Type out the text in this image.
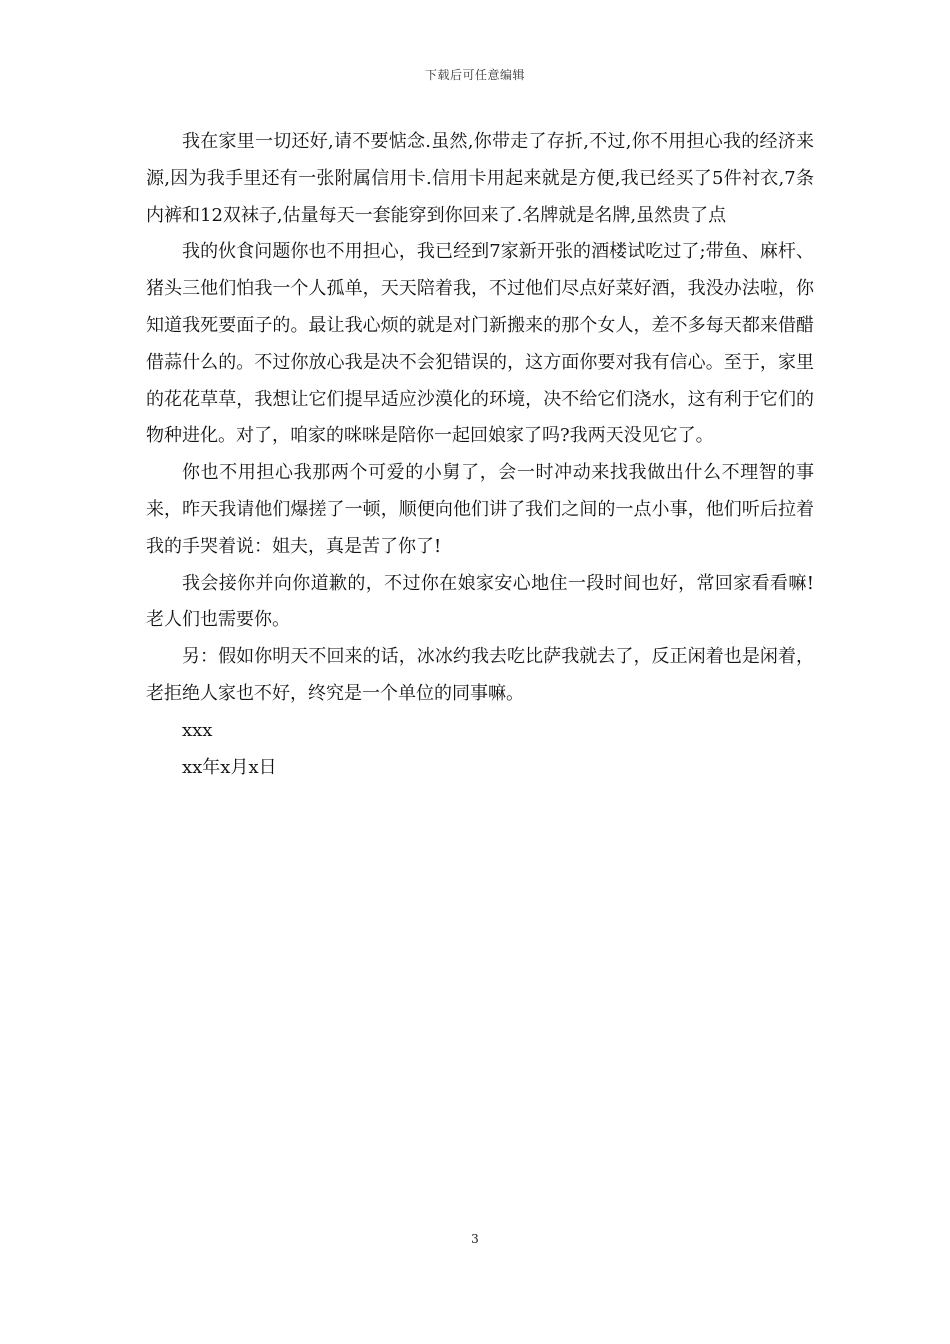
下载后可任意编辑

我在家里一切还好,请不要惦念.虽然,你带走了存折,不过,你不用担心我的经济来源,因为我手里还有一张附属信用卡.信用卡用起来就是方便,我已经买了5件衬衣,7条内裤和12双袜子,估量每天一套能穿到你回来了.名牌就是名牌,虽然贵了点

我的伙食问题你也不用担心，我已经到7家新开张的酒楼试吃过了;带鱼、麻杆、猪头三他们怕我一个人孤单，天天陪着我，不过他们尽点好菜好酒，我没办法啦，你知道我死要面子的。最让我心烦的就是对门新搬来的那个女人，差不多每天都来借醋借蒜什么的。不过你放心我是决不会犯错误的，这方面你要对我有信心。至于，家里的花花草草，我想让它们提早适应沙漠化的环境，决不给它们浇水，这有利于它们的物种进化。对了，咱家的咪咪是陪你一起回娘家了吗?我两天没见它了。

你也不用担心我那两个可爱的小舅了，会一时冲动来找我做出什么不理智的事来，昨天我请他们爆搓了一顿，顺便向他们讲了我们之间的一点小事，他们听后拉着我的手哭着说：姐夫，真是苦了你了!

我会接你并向你道歉的，不过你在娘家安心地住一段时间也好，常回家看看嘛!老人们也需要你。

另：假如你明天不回来的话，冰冰约我去吃比萨我就去了，反正闲着也是闲着，老拒绝人家也不好，终究是一个单位的同事嘛。

xxx

xx年x月x日

3
